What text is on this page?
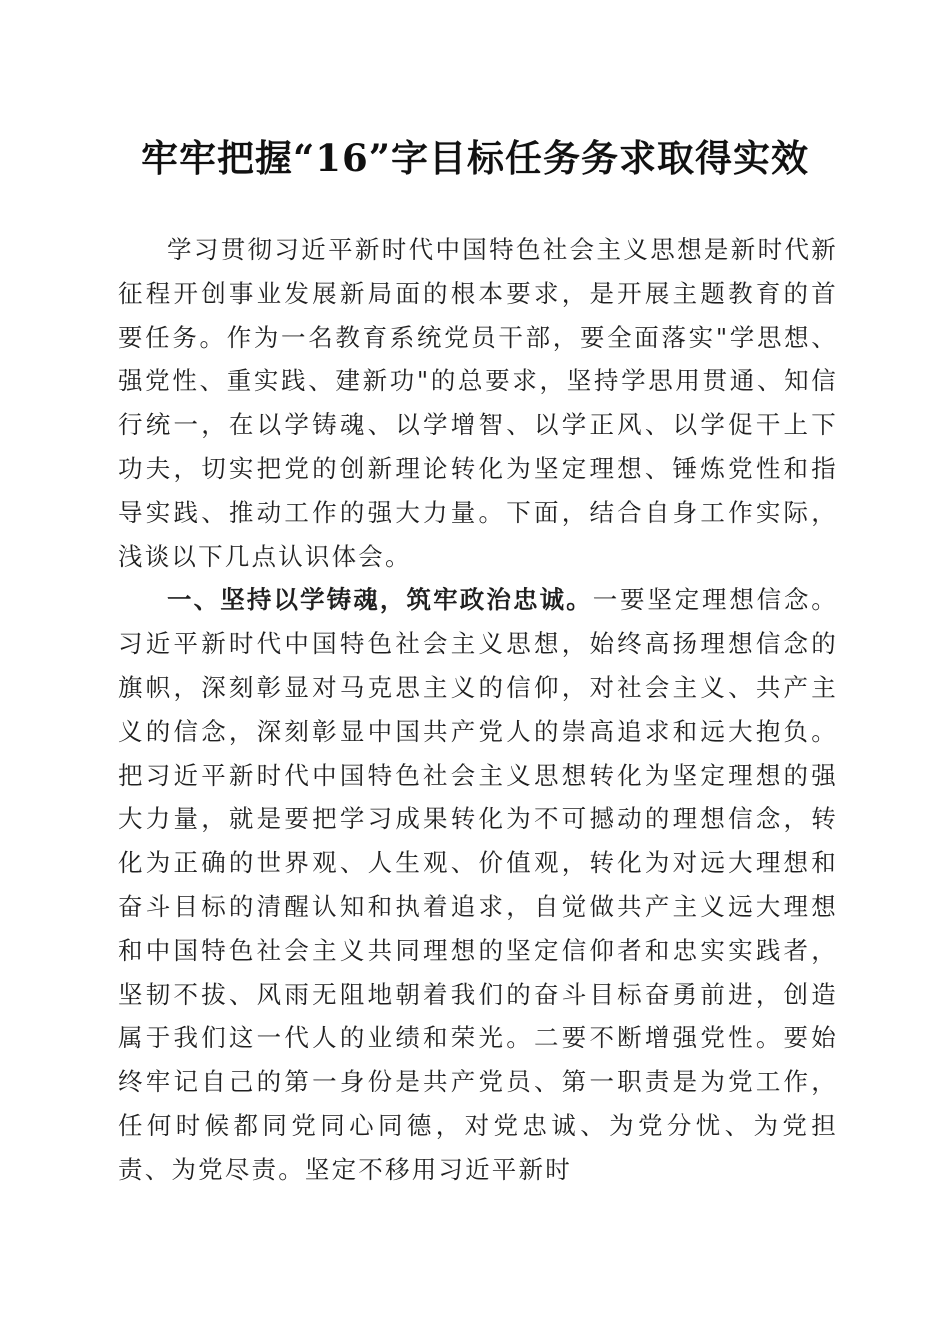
牢牢把握“16”字目标任务务求取得实效

学习贯彻习近平新时代中国特色社会主义思想是新时代新征程开创事业发展新局面的根本要求，是开展主题教育的首要任务。作为一名教育系统党员干部，要全面落实"学思想、强党性、重实践、建新功"的总要求，坚持学思用贯通、知信行统一，在以学铸魂、以学增智、以学正风、以学促干上下功夫，切实把党的创新理论转化为坚定理想、锤炼党性和指导实践、推动工作的强大力量。下面，结合自身工作实际，浅谈以下几点认识体会。

一、坚持以学铸魂，筑牢政治忠诚。一要坚定理想信念。习近平新时代中国特色社会主义思想，始终高扬理想信念的旗帜，深刻彰显对马克思主义的信仰，对社会主义、共产主义的信念，深刻彰显中国共产党人的崇高追求和远大抱负。把习近平新时代中国特色社会主义思想转化为坚定理想的强大力量，就是要把学习成果转化为不可撼动的理想信念，转化为正确的世界观、人生观、价值观，转化为对远大理想和奋斗目标的清醒认知和执着追求，自觉做共产主义远大理想和中国特色社会主义共同理想的坚定信仰者和忠实实践者，坚韧不拔、风雨无阻地朝着我们的奋斗目标奋勇前进，创造属于我们这一代人的业绩和荣光。二要不断增强党性。要始终牢记自己的第一身份是共产党员、第一职责是为党工作，任何时候都同党同心同德，对党忠诚、为党分忧、为党担责、为党尽责。坚定不移用习近平新时
